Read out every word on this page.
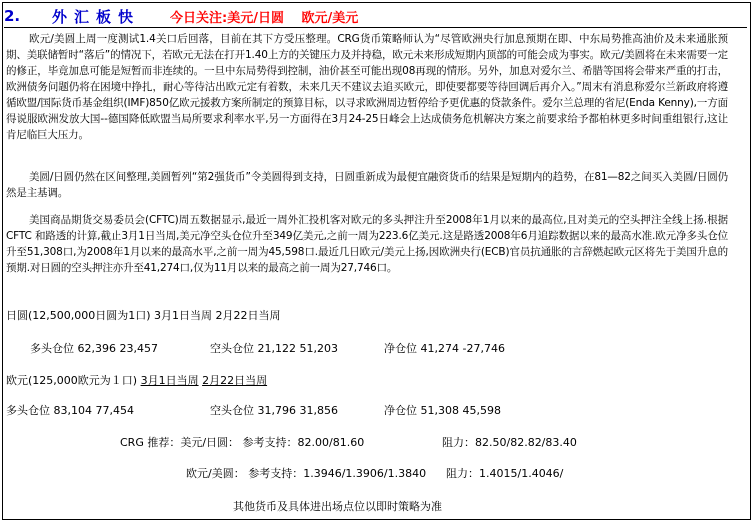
2.	外汇板快	今日关注: 美元/日圆　 欧元/美元

欧元/美圆上周一度测试1.4关口后回落，目前在其下方受压整理。CRG货币策略师认为“尽管欧洲央行加息预期在即、中东局势推高油价及未来通胀预期、美联储暂时“落后”的情况下，若欧元无法在打开1.40上方的关键压力及并持稳，欧元未来形成短期内顶部的可能会成为事实。欧元/美圆将在未来需要一定的修正，毕竟加息可能是短暂而非连续的。一旦中东局势得到控制，油价甚至可能出现08再现的情形。另外，加息对爱尔兰、希腊等国将会带来严重的打击，欧洲债务问题仍将在困境中挣扎，耐心等待沽出欧元定有着数，未来几天不建议去追买欧元，即使要都要等待回调后再介入。”周末有消息称爱尔兰新政府将遵循欧盟/国际货币基金组织(IMF)850亿欧元援救方案所制定的预算目标，以寻求欧洲周边暂停给予更优惠的贷款条件。爱尔兰总理的省尼(Enda Kenny),一方面得说服欧洲发放大国--德国降低欧盟当局所要求利率水平,另一方面得在3月24-25日峰会上达成债务危机解决方案之前要求给予都柏林更多时间重组银行,这让肯尼临巨大压力。

美圆/日圆仍然在区间整理,美圆暂列“第2强货币”令美圆得到支持，日圆重新成为最便宜融资货币的结果是短期内的趋势，在81—82之间买入美圆/日圆仍然是主基调。

美国商品期货交易委员会(CFTC)周五数据显示,最近一周外汇投机客对欧元的多头押注升至2008年1月以来的最高位,且对美元的空头押注全线上扬.根据 CFTC 和路透的计算,截止3月1日当周,美元净空头仓位升至349亿美元,之前一周为223.6亿美元.这是路透2008年6月追踪数据以来的最高水准.欧元净多头仓位升至51,308口,为2008年1月以来的最高水平,之前一周为45,598口.最近几日欧元/美元上扬,因欧洲央行(ECB)官员抗通胀的言辞燃起欧元区将先于美国升息的预期.对日圆的空头押注亦升至41,274口,仅为11月以来的最高之前一周为27,746口。

日圆(12,500,000日圆为1口) 3月1日当周 2月22日当周
多头仓位 62,396 23,457	空头仓位 21,122 51,203	净仓位 41,274 -27,746
欧元(125,000欧元为１口) 3月1日当周 2月22日当周
多头仓位 83,104 77,454	空头仓位 31,796 31,856	净仓位 51,308 45,598
CRG 推荐：美元/日圆： 参考支持：82.00/81.60	阻力：82.50/82.82/83.40
欧元/美圆： 参考支持：1.3946/1.3906/1.3840 阻力：1.4015/1.4046/
其他货币及具体进出场点位以即时策略为准
